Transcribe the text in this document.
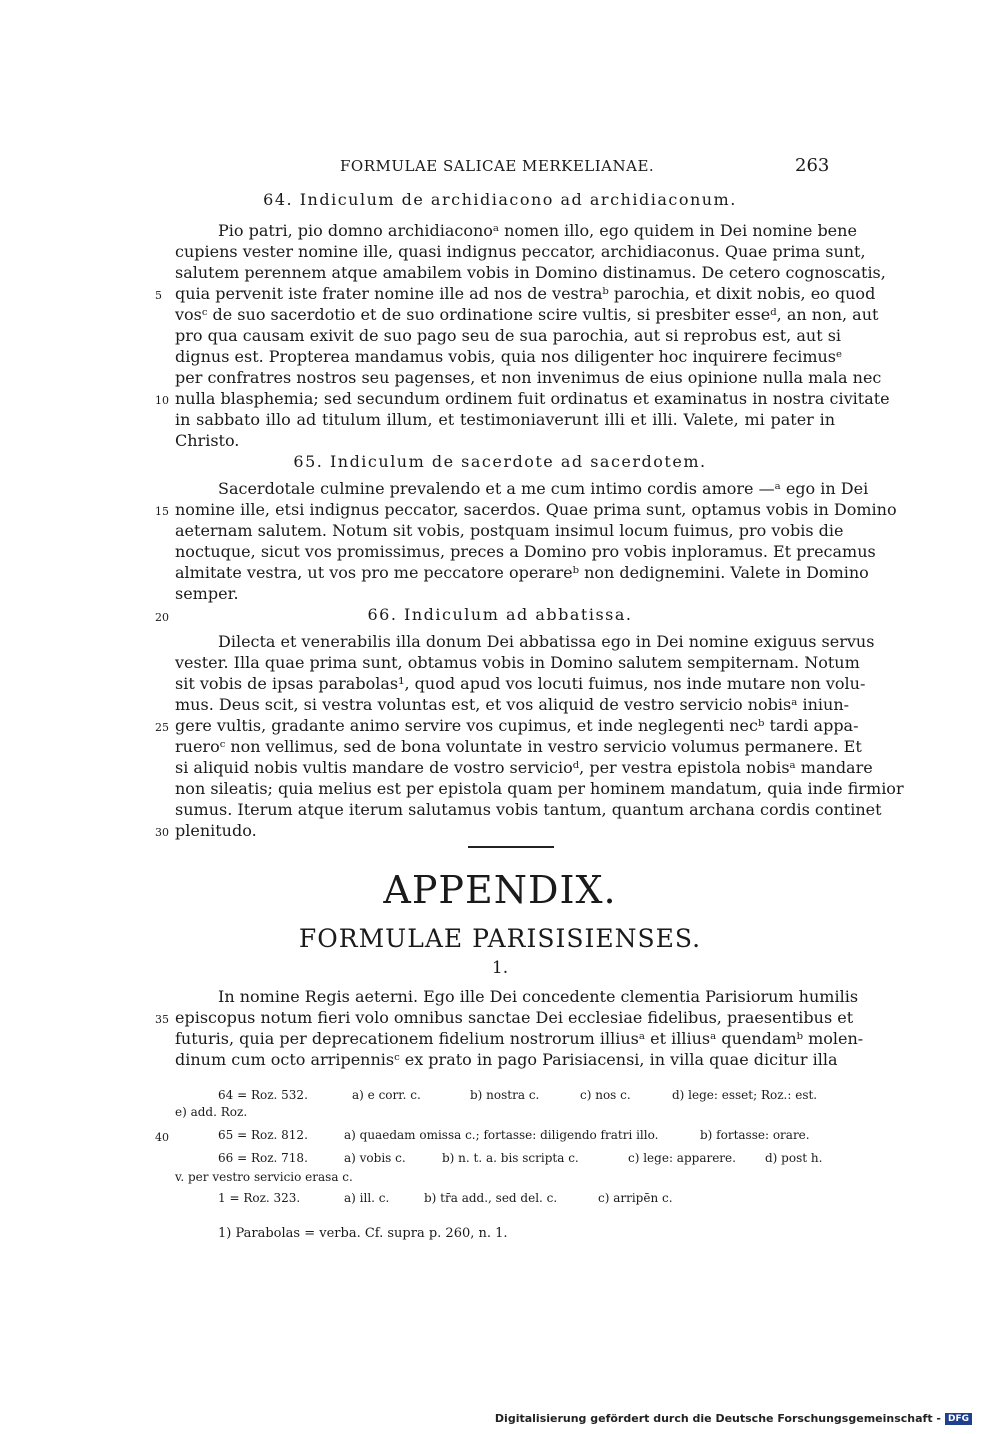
FORMULAE SALICAE MERKELIANAE.	263
64. Indiculum de archidiacono ad archidiaconum.
Pio patri, pio domno archidiaconoᵃ nomen illo, ego quidem in Dei nomine bene
cupiens vester nomine ille, quasi indignus peccator, archidiaconus. Quae prima sunt,
salutem perennem atque amabilem vobis in Domino distinamus. De cetero cognoscatis,
quia pervenit iste frater nomine ille ad nos de vestraᵇ parochia, et dixit nobis, eo quod
vosᶜ de suo sacerdotio et de suo ordinatione scire vultis, si presbiter esseᵈ, an non, aut
pro qua causam exivit de suo pago seu de sua parochia, aut si reprobus est, aut si
dignus est. Propterea mandamus vobis, quia nos diligenter hoc inquirere fecimusᵉ
per confratres nostros seu pagenses, et non invenimus de eius opinione nulla mala nec
nulla blasphemia; sed secundum ordinem fuit ordinatus et examinatus in nostra civitate
in sabbato illo ad titulum illum, et testimoniaverunt illi et illi. Valete, mi pater in
Christo.
65. Indiculum de sacerdote ad sacerdotem.
Sacerdotale culmine prevalendo et a me cum intimo cordis amore —ᵃ ego in Dei
nomine ille, etsi indignus peccator, sacerdos. Quae prima sunt, optamus vobis in Domino
aeternam salutem. Notum sit vobis, postquam insimul locum fuimus, pro vobis die
noctuque, sicut vos promissimus, preces a Domino pro vobis inploramus. Et precamus
almitate vestra, ut vos pro me peccatore operareᵇ non dedignemini. Valete in Domino
semper.
66. Indiculum ad abbatissa.
Dilecta et venerabilis illa donum Dei abbatissa ego in Dei nomine exiguus servus
vester. Illa quae prima sunt, obtamus vobis in Domino salutem sempiternam. Notum
sit vobis de ipsas parabolas¹, quod apud vos locuti fuimus, nos inde mutare non volu-
mus. Deus scit, si vestra voluntas est, et vos aliquid de vestro servicio nobisᵃ iniun-
gere vultis, gradante animo servire vos cupimus, et inde neglegenti necᵇ tardi appa-
rueroᶜ non vellimus, sed de bona voluntate in vestro servicio volumus permanere. Et
si aliquid nobis vultis mandare de vostro servicioᵈ, per vestra epistola nobisᵃ mandare
non sileatis; quia melius est per epistola quam per hominem mandatum, quia inde firmior
sumus. Iterum atque iterum salutamus vobis tantum, quantum archana cordis continet
plenitudo.
5
10
15
20
25
30
35
40
APPENDIX.
FORMULAE PARISISIENSES.
1.
In nomine Regis aeterni. Ego ille Dei concedente clementia Parisiorum humilis
episcopus notum fieri volo omnibus sanctae Dei ecclesiae fidelibus, praesentibus et
futuris, quia per deprecationem fidelium nostrorum illiusᵃ et illiusᵃ quendamᵇ molen-
dinum cum octo arripennisᶜ ex prato in pago Parisiacensi, in villa quae dicitur illa
64 = Roz. 532.	a) e corr. c.	b) nostra c.	c) nos c.	d) lege: esset; Roz.: est.
e) add. Roz.
65 = Roz. 812.	a) quaedam omissa c.; fortasse: diligendo fratri illo.	b) fortasse: orare.
66 = Roz. 718.	a) vobis c.	b) n. t. a. bis scripta c.	c) lege: apparere. d) post h.
v. per vestro servicio erasa c.
1 = Roz. 323.	a) ill. c.	b) tr̄a add., sed del. c.	c) arripēn c.
1) Parabolas = verba. Cf. supra p. 260, n. 1.
Digitalisierung gefördert durch die Deutsche Forschungsgemeinschaft - DFG
